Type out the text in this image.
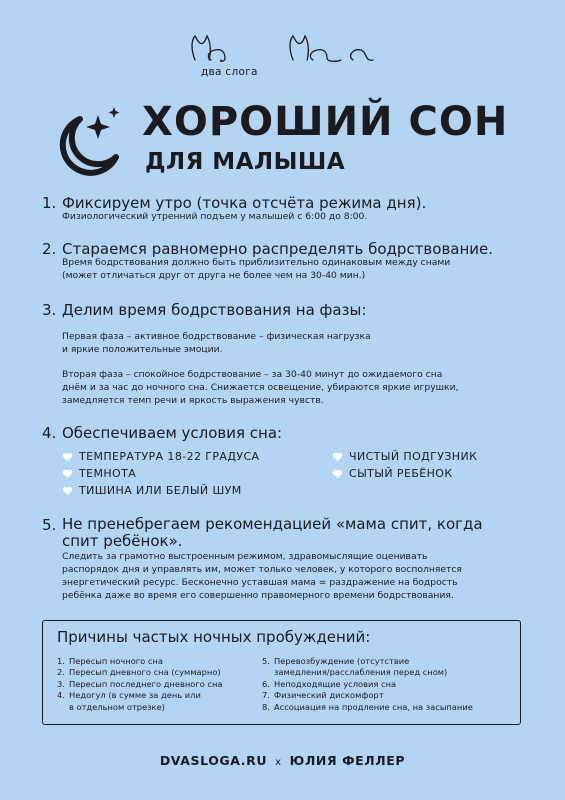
два слога
ХОРОШИЙ СОН
ДЛЯ МАЛЫША
1. Фиксируем утро (точка отсчёта режима дня).

Физиологический утренний подъем у малышей с 6:00 до 8:00.

2. Стараемся равномерно распределять бодрствование.

Время бодрствования должно быть приблизительно одинаковым между снами

(может отличаться друг от друга не более чем на 30-40 мин.)

3. Делим время бодрствования на фазы:

Первая фаза – активное бодрствование – физическая нагрузка

и яркие положительные эмоции.

Вторая фаза – спокойное бодрствование – за 30-40 минут до ожидаемого сна

днём и за час до ночного сна. Снижается освещение, убираются яркие игрушки,

замедляется темп речи и яркость выражения чувств.

4. Обеспечиваем условия сна:
ТЕМПЕРАТУРА 18-22 ГРАДУСА
ТЕМНОТА
ТИШИНА ИЛИ БЕЛЫЙ ШУМ
ЧИСТЫЙ ПОДГУЗНИК
СЫТЫЙ РЕБЁНОК
5. Не пренебрегаем рекомендацией «мама спит, когда
спит ребёнок».

Следить за грамотно выстроенным режимом, здравомыслящие оценивать

распорядок дня и управлять им, может только человек, у которого восполняется

энергетический ресурс. Бесконечно уставшая мама = раздражение на бодрость

ребёнка даже во время его совершенно правомерного времени бодрствования.

Причины частых ночных пробуждений:
1. Пересып ночного сна
2. Пересып дневного сна (суммарно)
3. Пересып последнего дневного сна
4. Недогул (в сумме за день или
в отдельном отрезке)
5. Перевозбуждение (отсутствие
замедления/расслабления перед сном)
6. Неподходящие условия сна
7. Физический дискомфорт
8. Ассоциация на продление сна, на засыпание
DVASLOGA.RU x ЮЛИЯ ФЕЛЛЕР
